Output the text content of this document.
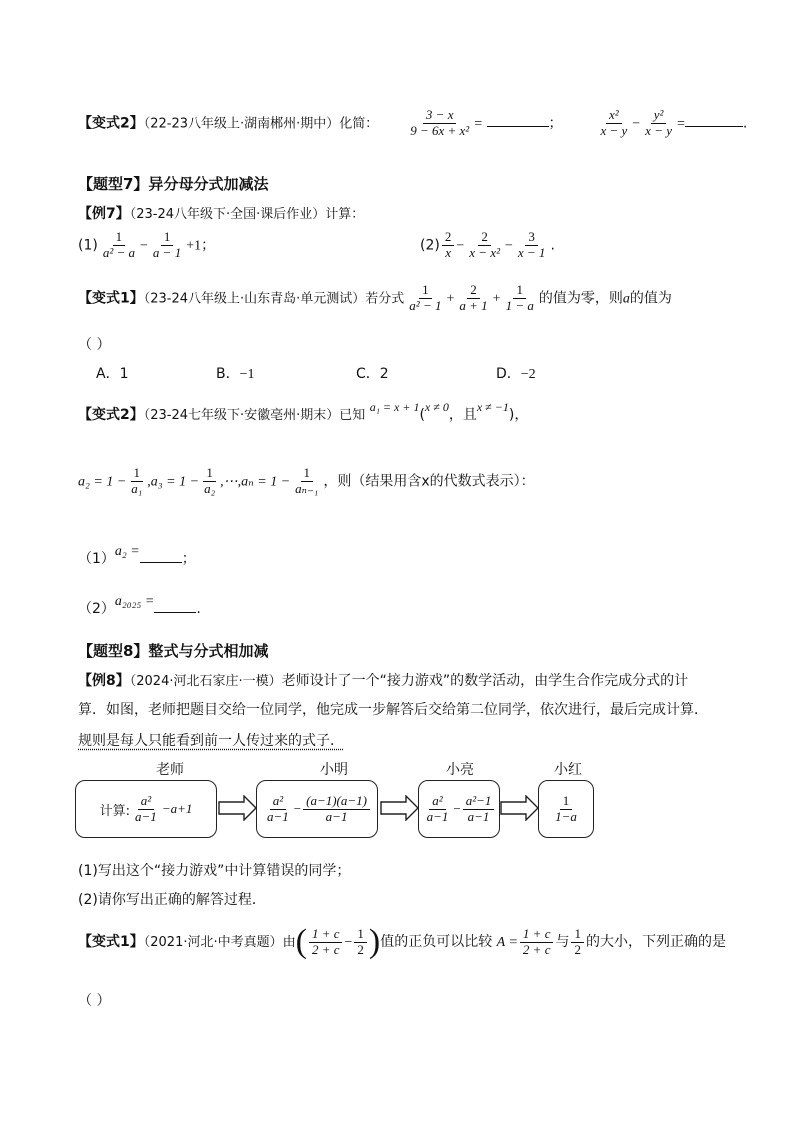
【变式2】（22-23八年级上·湖南郴州·期中）化简： $\frac{3 - x}{\text{9 − 6x + x²}}$ =	；	$\frac{\text{x²}}{x - y} - \frac{\text{y²}}{x - y}$ =	.
【题型7】异分母分式加减法
【例7】（23-24八年级下·全国·课后作业）计算：
$(1) \frac{1}{\text{a² − a}} - \frac{1}{a - 1} +1$；	$(2) \frac{2}{x} - \frac{2}{\text{x − x²}} - \frac{3}{x - 1}$ .
【变式1】（23-24八年级上·山东青岛·单元测试）若分式 $\frac{1}{\text{a² − 1}} + \frac{2}{a + 1} + \frac{1}{1 - a}$ 的值为零，则a的值为
（ ）
A．1	B．−1	C．2	D．−2
【变式2】（23-24七年级下·安徽亳州·期末）已知 a₁ = x + 1(x ≠ 0，且x ≠ −1)，
$a_2 = 1 - \frac{1}{\text{a₁}} ,a_3 = 1 - \frac{1}{\text{a₂}}$ ,⋯,aₙ = $1 - \frac{1}{\text{aₙ₋₁}}$ ，则（结果用含x的代数式表示）：
（1）a₂ =	；
（2）a₂₀₂₅ =	.
【题型8】整式与分式相加减
【例8】（2024·河北石家庄·一模）老师设计了一个“接力游戏”的数学活动，由学生合作完成分式的计
算．如图，老师把题目交给一位同学，他完成一步解答后交给第二位同学，依次进行，最后完成计算．
规则是每人只能看到前一人传过来的式子．
老师	小明	小亮	小红
计算: $\frac{\text{a²}}{a-1} -a+1$	$\frac{\text{a²}}{a-1} - \frac{(a-1)(a-1)}{a-1}$	$\frac{\text{a²}}{a-1} - \frac{\text{a²−1}}{a-1}$	$\frac{1}{1-a}$
(1)写出这个“接力游戏”中计算错误的同学；
(2)请你写出正确的解答过程．
【变式1】（2021·河北·中考真题）由( $\frac{1 + c}{2 + c} - \frac{1}{2}$ )值的正负可以比较 $A = \frac{1 + c}{2 + c}$ 与 $\frac{1}{2}$ 的大小，下列正确的是
（ ）
